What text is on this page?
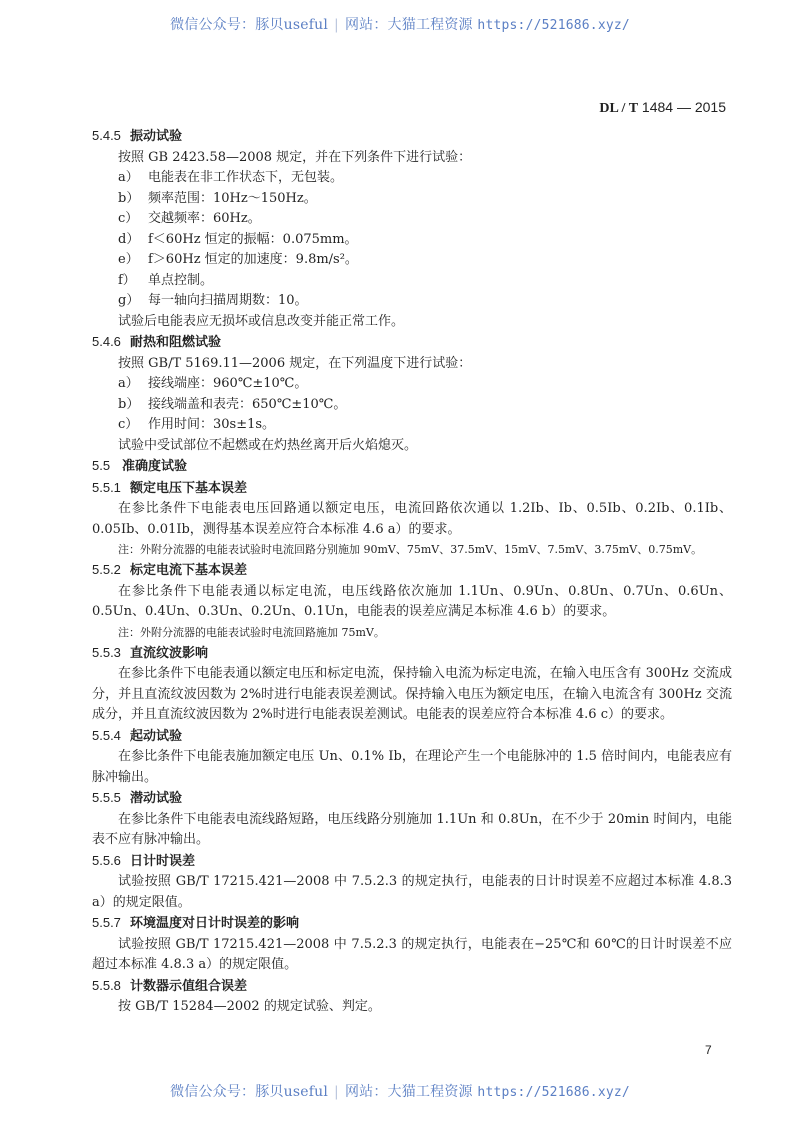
微信公众号：豚贝useful | 网站：大猫工程资源 https://521686.xyz/
DL / T 1484 — 2015
5.4.5 振动试验

按照 GB 2423.58—2008 规定，并在下列条件下进行试验：

a） 电能表在非工作状态下，无包装。

b） 频率范围：10Hz～150Hz。

c） 交越频率：60Hz。

d） f＜60Hz 恒定的振幅：0.075mm。

e） f＞60Hz 恒定的加速度：9.8m/s²。

f） 单点控制。

g） 每一轴向扫描周期数：10。

试验后电能表应无损坏或信息改变并能正常工作。

5.4.6 耐热和阻燃试验

按照 GB/T 5169.11—2006 规定，在下列温度下进行试验：

a） 接线端座：960℃±10℃。

b） 接线端盖和表壳：650℃±10℃。

c） 作用时间：30s±1s。

试验中受试部位不起燃或在灼热丝离开后火焰熄灭。

5.5 准确度试验
5.5.1 额定电压下基本误差

在参比条件下电能表电压回路通以额定电压，电流回路依次通以 1.2Ib、Ib、0.5Ib、0.2Ib、0.1Ib、0.05Ib、0.01Ib，测得基本误差应符合本标准 4.6 a）的要求。

注：外附分流器的电能表试验时电流回路分别施加 90mV、75mV、37.5mV、15mV、7.5mV、3.75mV、0.75mV。

5.5.2 标定电流下基本误差

在参比条件下电能表通以标定电流，电压线路依次施加 1.1Un、0.9Un、0.8Un、0.7Un、0.6Un、0.5Un、0.4Un、0.3Un、0.2Un、0.1Un，电能表的误差应满足本标准 4.6 b）的要求。

注：外附分流器的电能表试验时电流回路施加 75mV。

5.5.3 直流纹波影响

在参比条件下电能表通以额定电压和标定电流，保持输入电流为标定电流，在输入电压含有 300Hz 交流成分，并且直流纹波因数为 2%时进行电能表误差测试。保持输入电压为额定电压，在输入电流含有 300Hz 交流成分，并且直流纹波因数为 2%时进行电能表误差测试。电能表的误差应符合本标准 4.6 c）的要求。

5.5.4 起动试验

在参比条件下电能表施加额定电压 Un、0.1% Ib，在理论产生一个电能脉冲的 1.5 倍时间内，电能表应有脉冲输出。

5.5.5 潜动试验

在参比条件下电能表电流线路短路，电压线路分别施加 1.1Un 和 0.8Un，在不少于 20min 时间内，电能表不应有脉冲输出。

5.5.6 日计时误差

试验按照 GB/T 17215.421—2008 中 7.5.2.3 的规定执行，电能表的日计时误差不应超过本标准 4.8.3 a）的规定限值。

5.5.7 环境温度对日计时误差的影响

试验按照 GB/T 17215.421—2008 中 7.5.2.3 的规定执行，电能表在−25℃和 60℃的日计时误差不应超过本标准 4.8.3 a）的规定限值。

5.5.8 计数器示值组合误差

按 GB/T 15284—2002 的规定试验、判定。

7
微信公众号：豚贝useful | 网站：大猫工程资源 https://521686.xyz/
